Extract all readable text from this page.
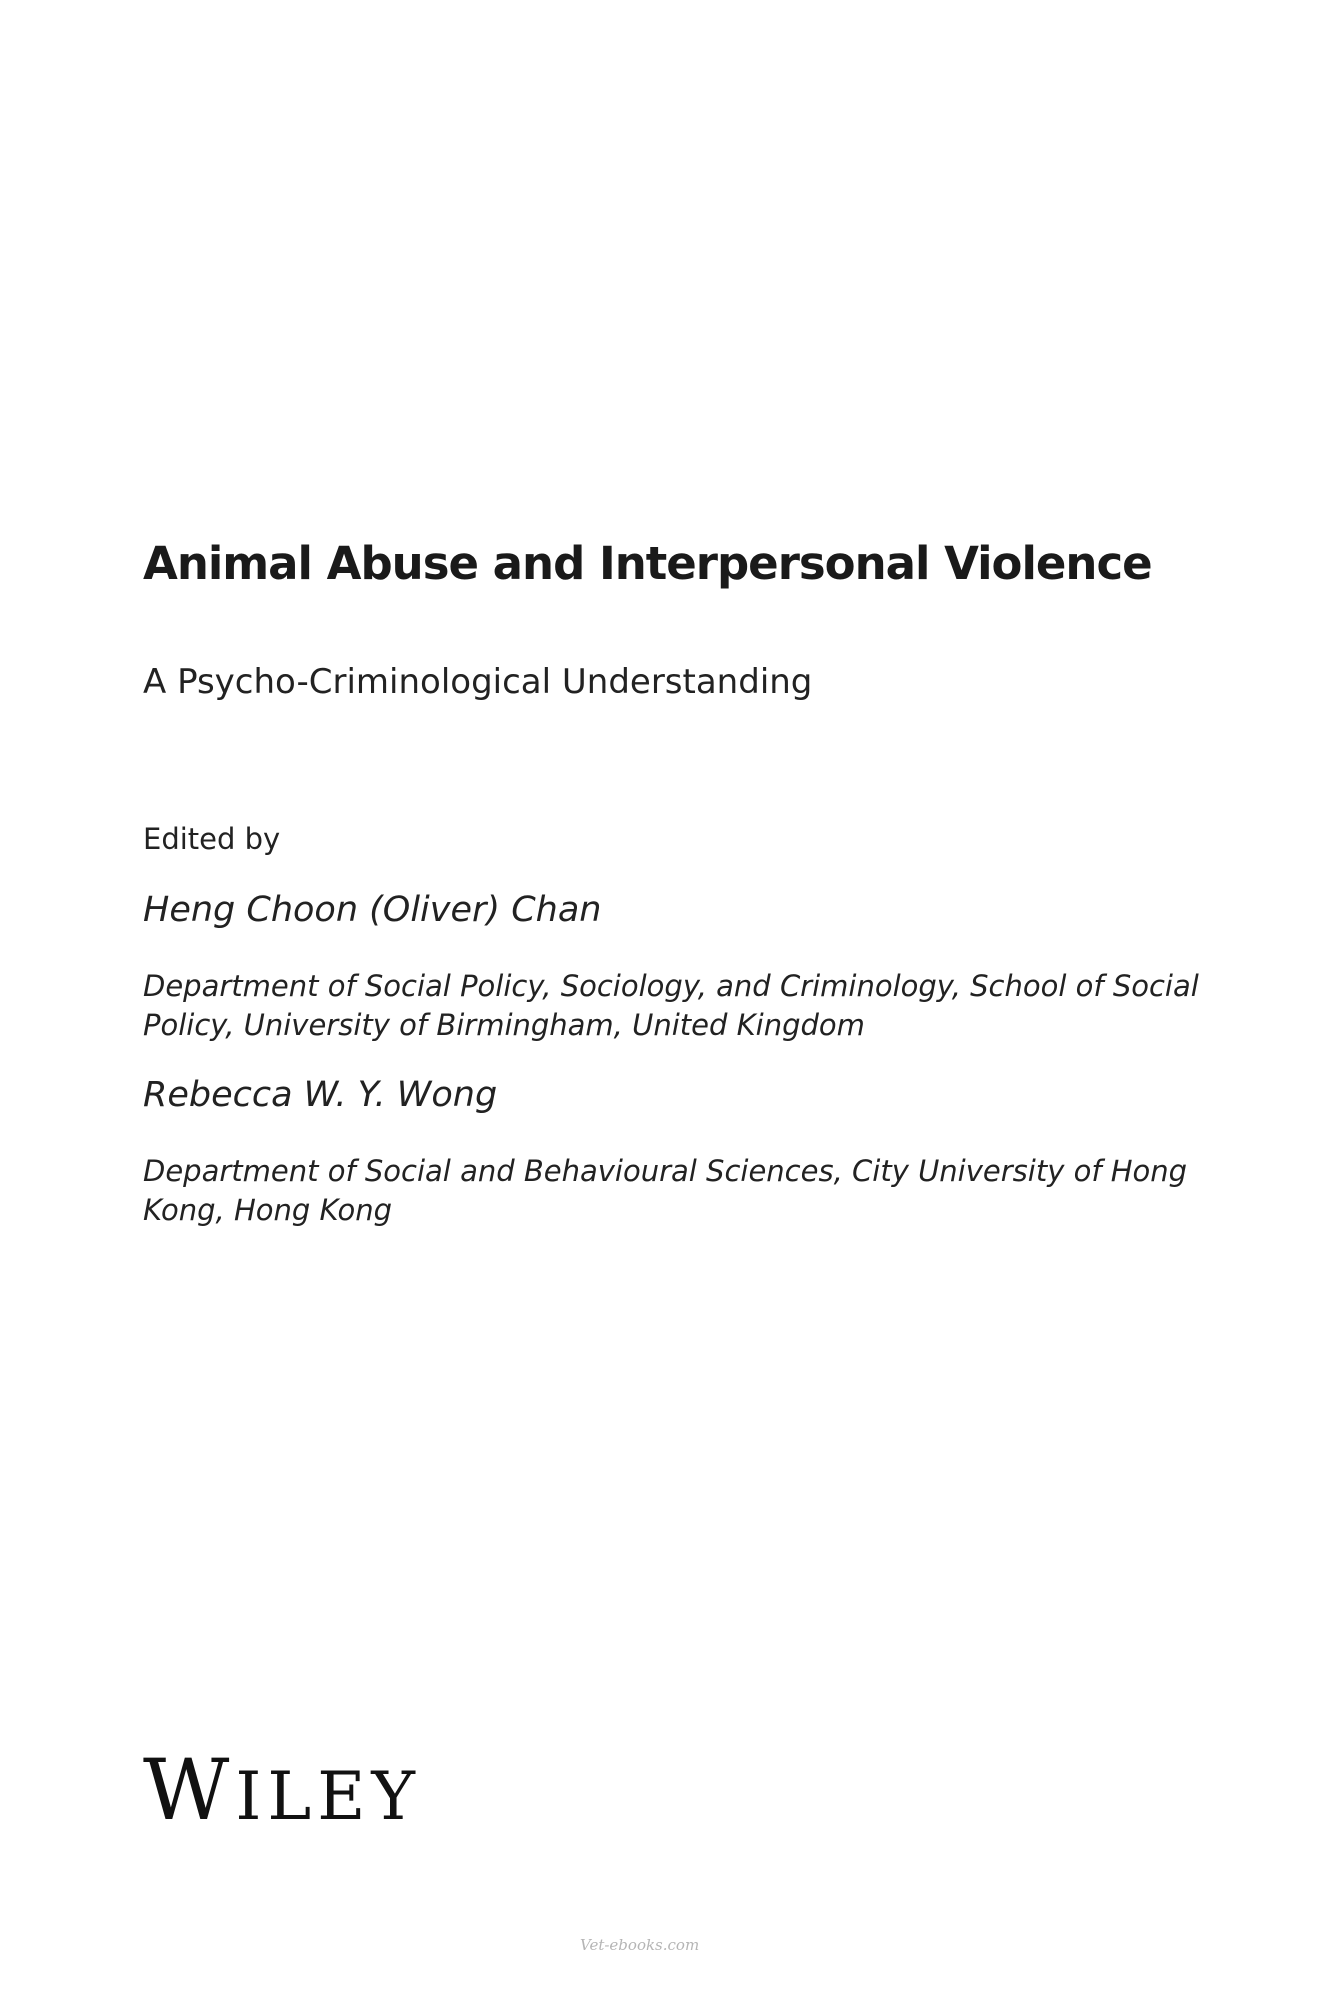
Animal Abuse and Interpersonal Violence
A Psycho-Criminological Understanding

Edited by

Heng Choon (Oliver) Chan

Department of Social Policy, Sociology, and Criminology, School of Social
Policy, University of Birmingham, United Kingdom

Rebecca W. Y. Wong

Department of Social and Behavioural Sciences, City University of Hong
Kong, Hong Kong

WILEY
Vet-ebooks.com
